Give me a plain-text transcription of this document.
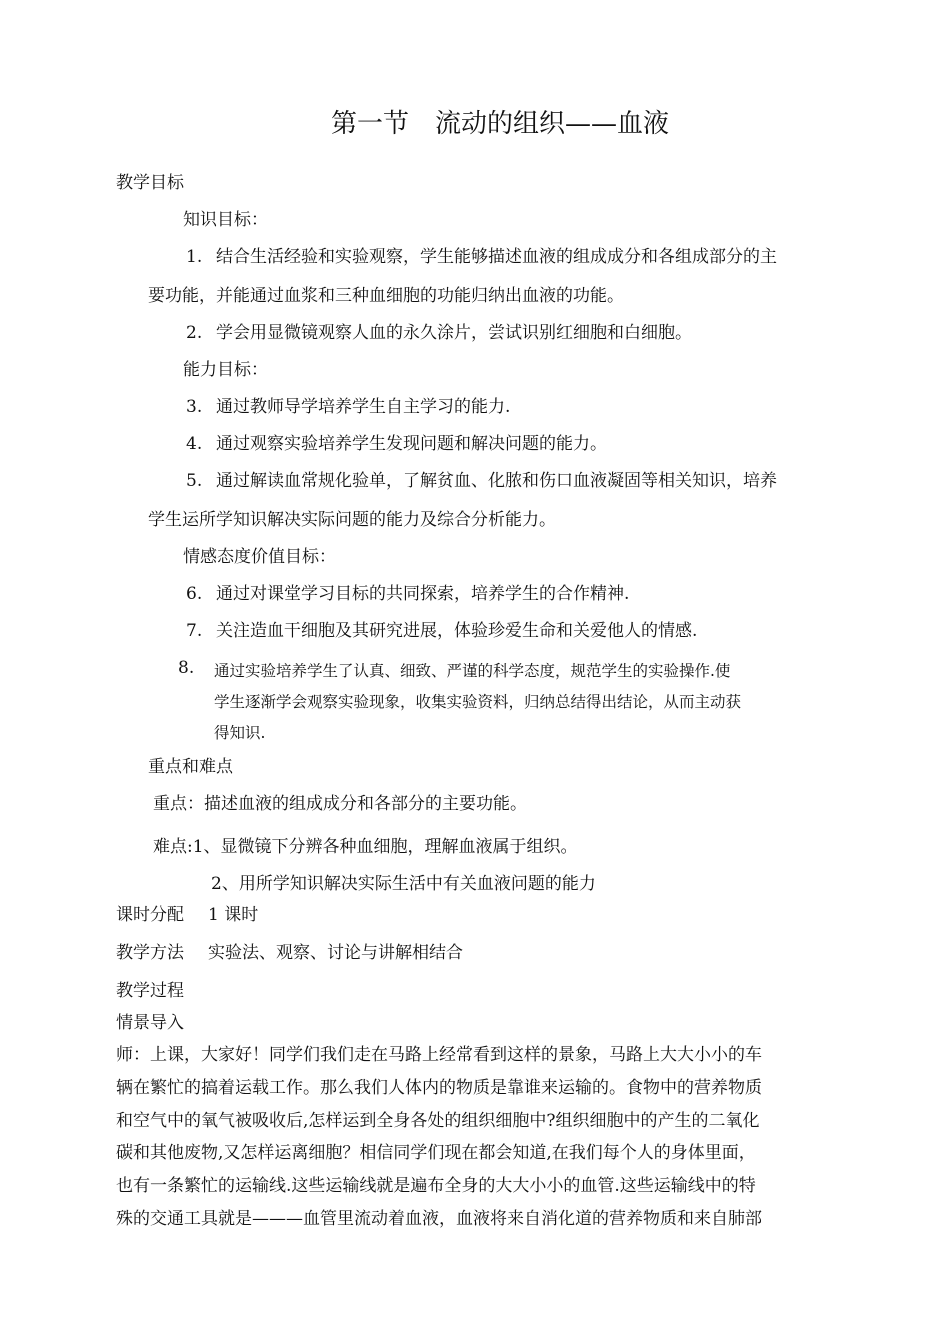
第一节　流动的组织——血液
教学目标
知识目标：
1. 结合生活经验和实验观察，学生能够描述血液的组成成分和各组成部分的主
要功能，并能通过血浆和三种血细胞的功能归纳出血液的功能。
2. 学会用显微镜观察人血的永久涂片，尝试识别红细胞和白细胞。
能力目标：
3. 通过教师导学培养学生自主学习的能力.
4. 通过观察实验培养学生发现问题和解决问题的能力。
5. 通过解读血常规化验单，了解贫血、化脓和伤口血液凝固等相关知识，培养
学生运所学知识解决实际问题的能力及综合分析能力。
情感态度价值目标：
6. 通过对课堂学习目标的共同探索，培养学生的合作精神.
7. 关注造血干细胞及其研究进展，体验珍爱生命和关爱他人的情感.
8. 通过实验培养学生了认真、细致、严谨的科学态度，规范学生的实验操作.使
学生逐渐学会观察实验现象，收集实验资料，归纳总结得出结论，从而主动获
得知识.
重点和难点
重点：描述血液的组成成分和各部分的主要功能。
难点:1、显微镜下分辨各种血细胞，理解血液属于组织。
2、用所学知识解决实际生活中有关血液问题的能力
课时分配 1 课时
教学方法 实验法、观察、讨论与讲解相结合
教学过程
情景导入
师：上课，大家好！同学们我们走在马路上经常看到这样的景象，马路上大大小小的车
辆在繁忙的搞着运载工作。那么我们人体内的物质是靠谁来运输的。食物中的营养物质
和空气中的氧气被吸收后,怎样运到全身各处的组织细胞中?组织细胞中的产生的二氧化
碳和其他废物,又怎样运离细胞？相信同学们现在都会知道,在我们每个人的身体里面，
也有一条繁忙的运输线.这些运输线就是遍布全身的大大小小的血管.这些运输线中的特
殊的交通工具就是———血管里流动着血液，血液将来自消化道的营养物质和来自肺部
